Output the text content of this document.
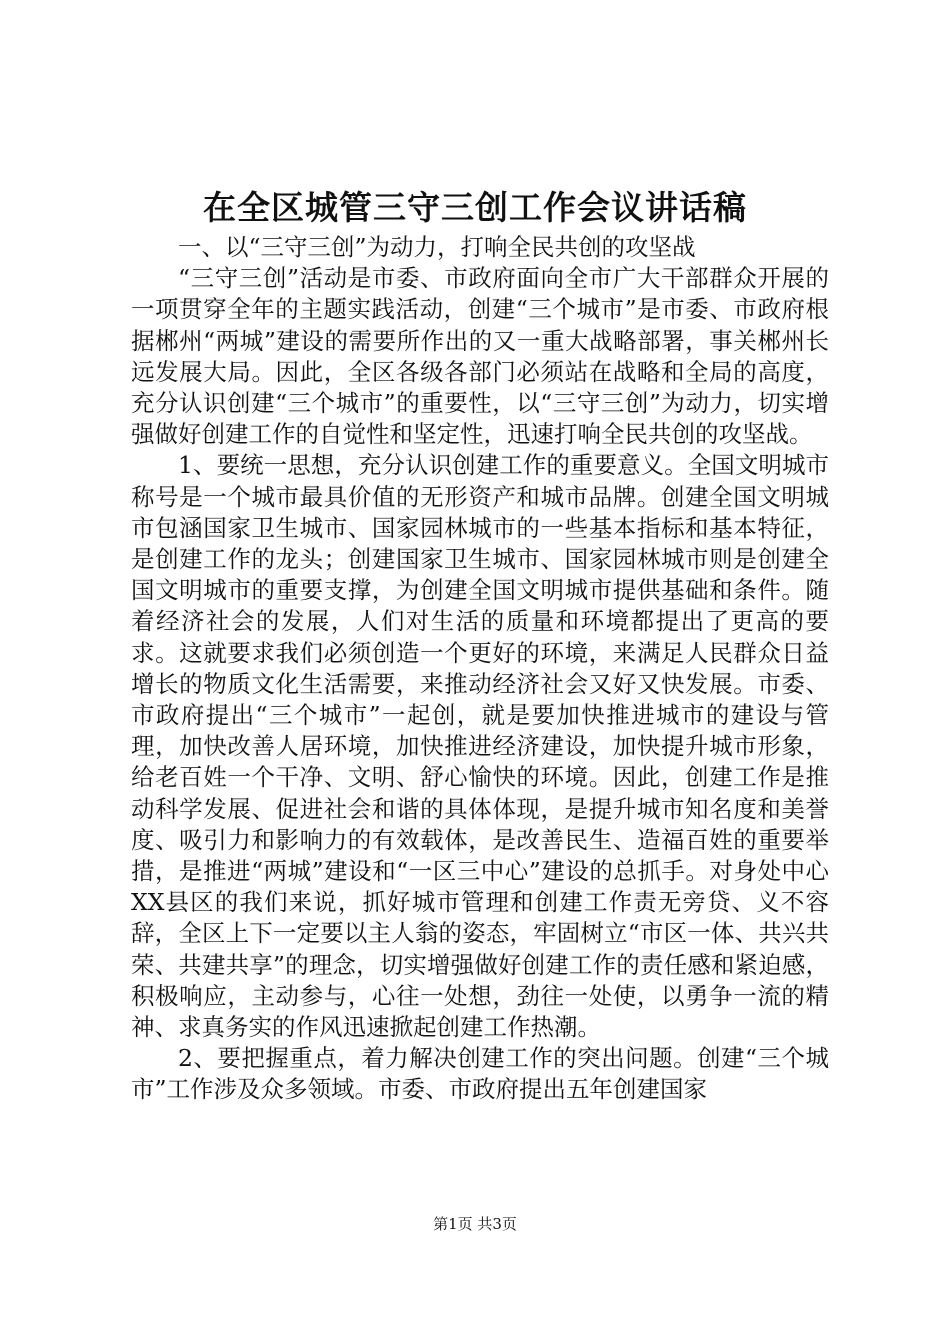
在全区城管三守三创工作会议讲话稿

一、以“三守三创”为动力，打响全民共创的攻坚战

“三守三创”活动是市委、市政府面向全市广大干部群众开展的一项贯穿全年的主题实践活动，创建“三个城市”是市委、市政府根据郴州“两城”建设的需要所作出的又一重大战略部署，事关郴州长远发展大局。因此，全区各级各部门必须站在战略和全局的高度，充分认识创建“三个城市”的重要性，以“三守三创”为动力，切实增强做好创建工作的自觉性和坚定性，迅速打响全民共创的攻坚战。

1、要统一思想，充分认识创建工作的重要意义。全国文明城市称号是一个城市最具价值的无形资产和城市品牌。创建全国文明城市包涵国家卫生城市、国家园林城市的一些基本指标和基本特征，是创建工作的龙头；创建国家卫生城市、国家园林城市则是创建全国文明城市的重要支撑，为创建全国文明城市提供基础和条件。随着经济社会的发展，人们对生活的质量和环境都提出了更高的要求。这就要求我们必须创造一个更好的环境，来满足人民群众日益增长的物质文化生活需要，来推动经济社会又好又快发展。市委、市政府提出“三个城市”一起创，就是要加快推进城市的建设与管理，加快改善人居环境，加快推进经济建设，加快提升城市形象，给老百姓一个干净、文明、舒心愉快的环境。因此，创建工作是推动科学发展、促进社会和谐的具体体现，是提升城市知名度和美誉度、吸引力和影响力的有效载体，是改善民生、造福百姓的重要举措，是推进“两城”建设和“一区三中心”建设的总抓手。对身处中心XX县区的我们来说，抓好城市管理和创建工作责无旁贷、义不容辞，全区上下一定要以主人翁的姿态，牢固树立“市区一体、共兴共荣、共建共享”的理念，切实增强做好创建工作的责任感和紧迫感，积极响应，主动参与，心往一处想，劲往一处使，以勇争一流的精神、求真务实的作风迅速掀起创建工作热潮。

2、要把握重点，着力解决创建工作的突出问题。创建“三个城市”工作涉及众多领域。市委、市政府提出五年创建国家

第1页 共3页
